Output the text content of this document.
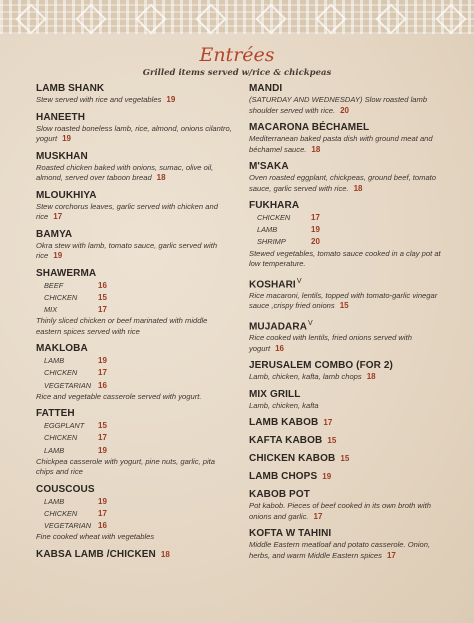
Entrées
Grilled items served w/rice & chickpeas
LAMB SHANK
Stew served with rice and vegetables 19
HANEETH
Slow roasted boneless lamb, rice, almond, onions cilantro, yogurt 19
MUSKHAN
Roasted chicken baked with onions, sumac, olive oil, almond, served over taboon bread 18
MLOUKHIYA
Stew corchorus leaves, garlic served with chicken and rice 17
BAMYA
Okra stew with lamb, tomato sauce, garlic served with rice 19
SHAWERMA
BEEF	16
CHICKEN	15
MIX	17
Thinly sliced chicken or beef marinated with middle eastern spices served with rice
MAKLOBA
LAMB	19
CHICKEN	17
VEGETARIAN 16
Rice and vegetable casserole served with yogurt.
FATTEH
EGGPLANT 15
CHICKEN	17
LAMB	19
Chickpea casserole with yogurt, pine nuts, garlic, pita chips and rice
COUSCOUS
LAMB	19
CHICKEN	17
VEGETARIAN 16
Fine cooked wheat with vegetables
KABSA LAMB /CHICKEN 18
MANDI
(SATURDAY AND WEDNESDAY) Slow roasted lamb shoulder served with rice. 20
MACARONA BÉCHAMEL
Mediterranean baked pasta dish with ground meat and béchamel sauce. 18
M'SAKA
Oven roasted eggplant, chickpeas, ground beef, tomato sauce, garlic served with rice. 18
FUKHARA
CHICKEN	17
LAMB	19
SHRIMP	20
Stewed vegetables, tomato sauce cooked in a clay pot at low temperature.
$KOSHARI^V$
Rice macaroni, lentils, topped with tomato-garlic vinegar sauce ,crispy fried onions 15
$MUJADARA^V$
Rice cooked with lentils, fried onions served with yogurt 16
JERUSALEM COMBO (FOR 2)
Lamb, chicken, kafta, lamb chops 18
MIX GRILL
Lamb, chicken, kafta
LAMB KABOB 17
KAFTA KABOB 15
CHICKEN KABOB 15
LAMB CHOPS 19
KABOB POT
Pot kabob. Pieces of beef cooked in its own broth with onions and garlic. 17
KOFTA W TAHINI
Middle Eastern meatloaf and potato casserole. Onion, herbs, and warm Middle Eastern spices 17
